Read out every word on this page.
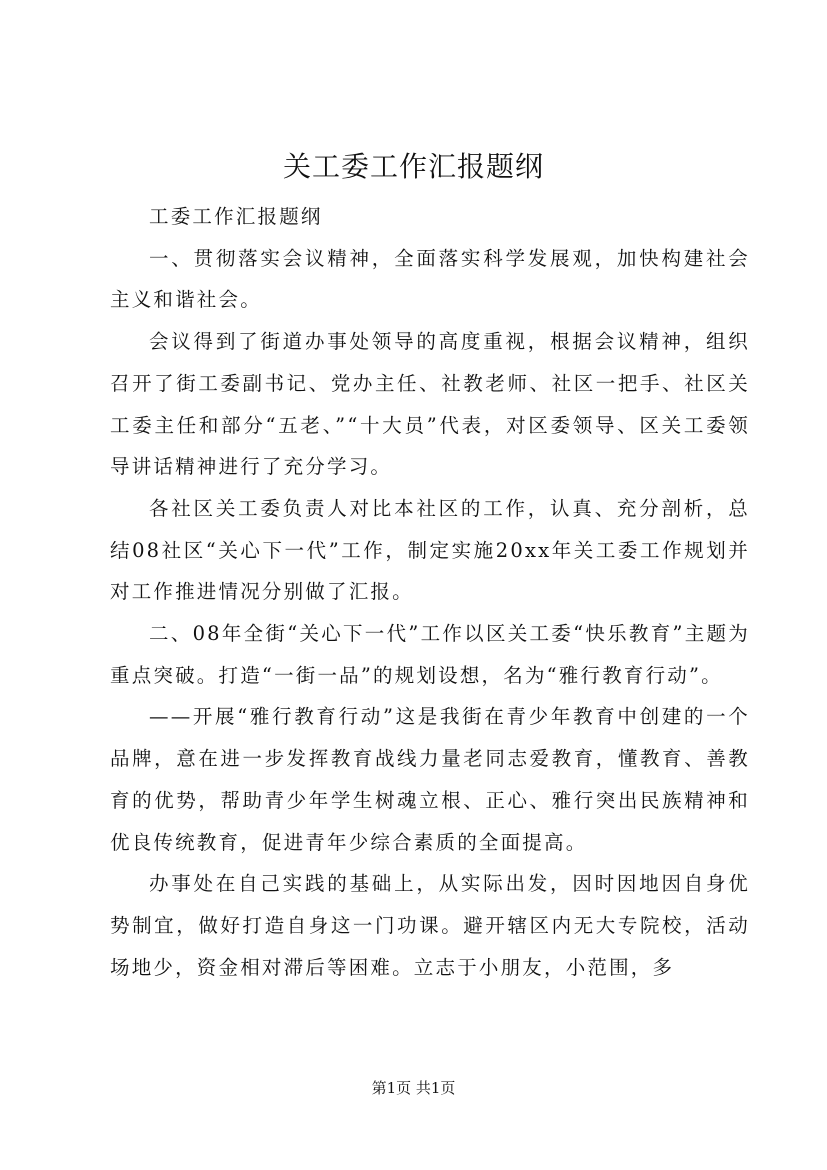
关工委工作汇报题纲

工委工作汇报题纲

一、贯彻落实会议精神，全面落实科学发展观，加快构建社会主义和谐社会。

会议得到了街道办事处领导的高度重视，根据会议精神，组织召开了街工委副书记、党办主任、社教老师、社区一把手、社区关工委主任和部分“五老、”“十大员”代表，对区委领导、区关工委领导讲话精神进行了充分学习。

各社区关工委负责人对比本社区的工作，认真、充分剖析，总结08社区“关心下一代”工作，制定实施20xx年关工委工作规划并对工作推进情况分别做了汇报。

二、08年全街“关心下一代”工作以区关工委“快乐教育”主题为重点突破。打造“一街一品”的规划设想，名为“雅行教育行动”。

——开展“雅行教育行动”这是我街在青少年教育中创建的一个品牌，意在进一步发挥教育战线力量老同志爱教育，懂教育、善教育的优势，帮助青少年学生树魂立根、正心、雅行突出民族精神和优良传统教育，促进青年少综合素质的全面提高。

办事处在自己实践的基础上，从实际出发，因时因地因自身优势制宜，做好打造自身这一门功课。避开辖区内无大专院校，活动场地少，资金相对滞后等困难。立志于小朋友，小范围，多

第1页 共1页
